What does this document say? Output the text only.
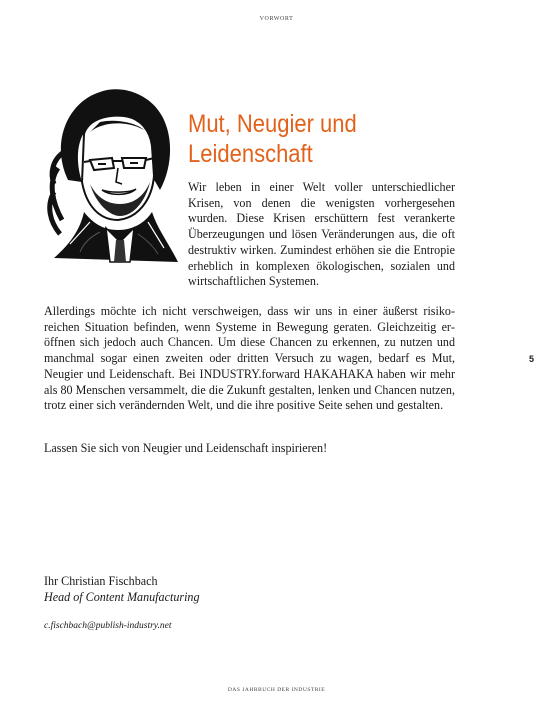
VORWORT
Mut, Neugier und
Leidenschaft

Wir leben in einer Welt voller unterschiedlicher Krisen, von denen die wenigsten vorhergesehen wurden. Diese Krisen erschüttern fest verankerte Überzeugungen und lösen Veränderungen aus, die oft destruktiv wirken. Zumindest erhöhen sie die Entropie erheblich in komplexen ökologischen, sozialen und wirtschaftlichen Systemen.

Allerdings möchte ich nicht verschweigen, dass wir uns in einer äußerst risikoreichen Situation befinden, wenn Systeme in Bewegung geraten. Gleichzeitig eröffnen sich jedoch auch Chancen. Um diese Chancen zu erkennen, zu nutzen und manchmal sogar einen zweiten oder dritten Versuch zu wagen, bedarf es Mut, Neugier und Leidenschaft. Bei INDUSTRY.forward HAKAHAKA haben wir mehr als 80 Menschen versammelt, die die Zukunft gestalten, lenken und Chancen nutzen, trotz einer sich verändernden Welt, und die ihre positive Seite sehen und gestalten.

Lassen Sie sich von Neugier und Leidenschaft inspirieren!

5

Ihr Christian Fischbach

Head of Content Manufacturing

c.fischbach@publish-industry.net

DAS JAHRBUCH DER INDUSTRIE
